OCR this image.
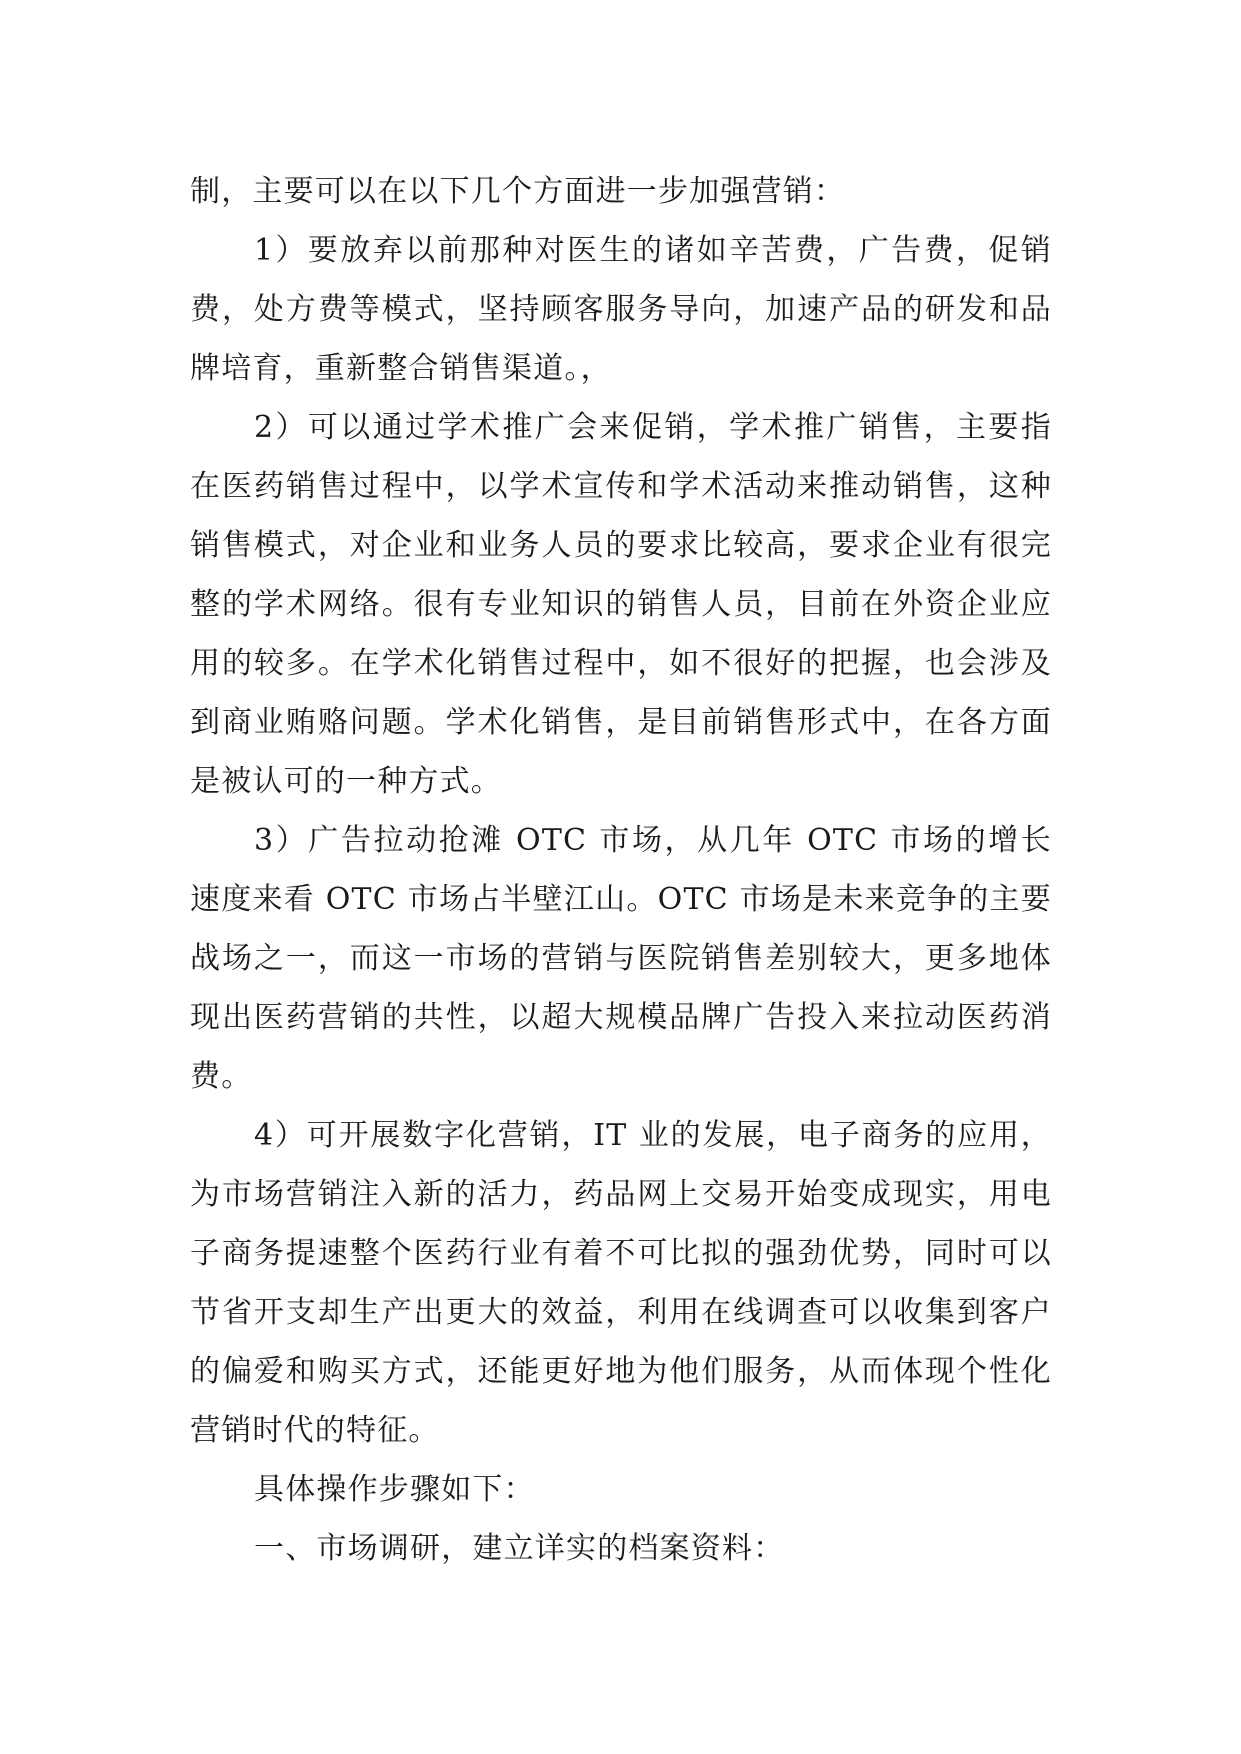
制，主要可以在以下几个方面进一步加强营销：

1）要放弃以前那种对医生的诸如辛苦费，广告费，促销费，处方费等模式，坚持顾客服务导向，加速产品的研发和品牌培育，重新整合销售渠道。，

2）可以通过学术推广会来促销，学术推广销售，主要指在医药销售过程中，以学术宣传和学术活动来推动销售，这种销售模式，对企业和业务人员的要求比较高，要求企业有很完整的学术网络。很有专业知识的销售人员，目前在外资企业应用的较多。在学术化销售过程中，如不很好的把握，也会涉及到商业贿赂问题。学术化销售，是目前销售形式中，在各方面是被认可的一种方式。

3）广告拉动抢滩 OTC 市场，从几年 OTC 市场的增长速度来看 OTC 市场占半壁江山。OTC 市场是未来竞争的主要战场之一，而这一市场的营销与医院销售差别较大，更多地体现出医药营销的共性，以超大规模品牌广告投入来拉动医药消费。

4）可开展数字化营销，IT 业的发展，电子商务的应用，为市场营销注入新的活力，药品网上交易开始变成现实，用电子商务提速整个医药行业有着不可比拟的强劲优势，同时可以节省开支却生产出更大的效益，利用在线调查可以收集到客户的偏爱和购买方式，还能更好地为他们服务，从而体现个性化营销时代的特征。

具体操作步骤如下：

一、市场调研，建立详实的档案资料：
